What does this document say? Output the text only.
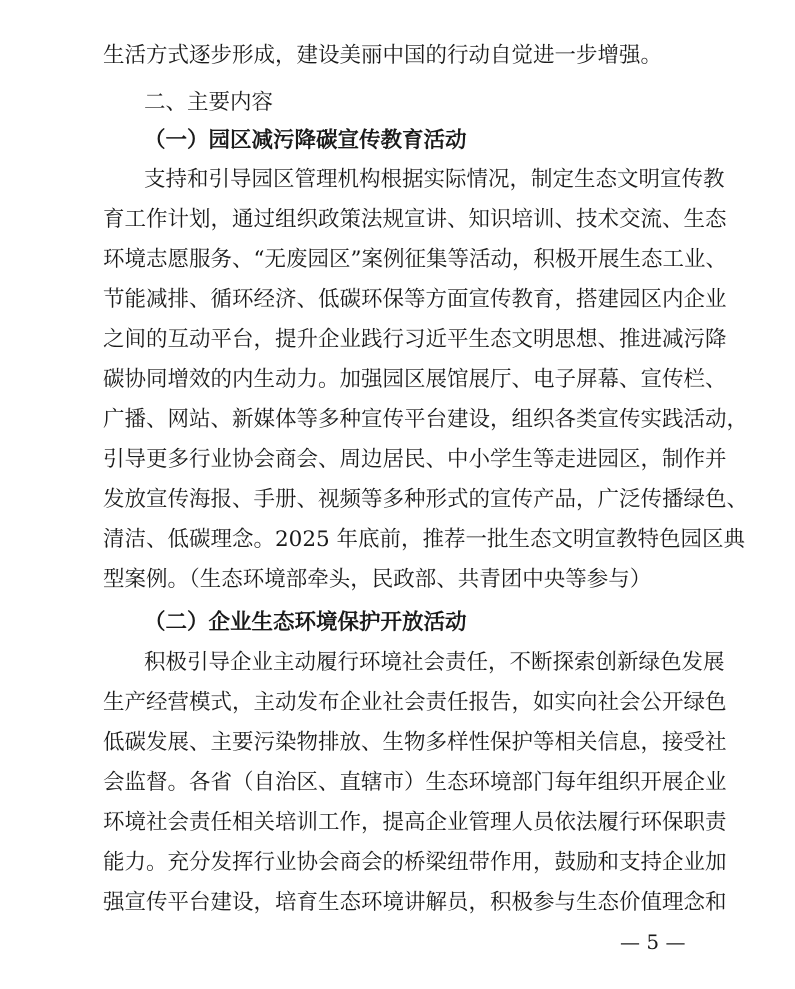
生活方式逐步形成，建设美丽中国的行动自觉进一步增强。
二、主要内容
（一）园区减污降碳宣传教育活动
支持和引导园区管理机构根据实际情况，制定生态文明宣传教
育工作计划，通过组织政策法规宣讲、知识培训、技术交流、生态
环境志愿服务、“无废园区”案例征集等活动，积极开展生态工业、
节能减排、循环经济、低碳环保等方面宣传教育，搭建园区内企业
之间的互动平台，提升企业践行习近平生态文明思想、推进减污降
碳协同增效的内生动力。加强园区展馆展厅、电子屏幕、宣传栏、
广播、网站、新媒体等多种宣传平台建设，组织各类宣传实践活动，
引导更多行业协会商会、周边居民、中小学生等走进园区，制作并
发放宣传海报、手册、视频等多种形式的宣传产品，广泛传播绿色、
清洁、低碳理念。2025 年底前，推荐一批生态文明宣教特色园区典
型案例。（生态环境部牵头，民政部、共青团中央等参与）
（二）企业生态环境保护开放活动
积极引导企业主动履行环境社会责任，不断探索创新绿色发展
生产经营模式，主动发布企业社会责任报告，如实向社会公开绿色
低碳发展、主要污染物排放、生物多样性保护等相关信息，接受社
会监督。各省（自治区、直辖市）生态环境部门每年组织开展企业
环境社会责任相关培训工作，提高企业管理人员依法履行环保职责
能力。充分发挥行业协会商会的桥梁纽带作用，鼓励和支持企业加
强宣传平台建设，培育生态环境讲解员，积极参与生态价值理念和
— 5 —
